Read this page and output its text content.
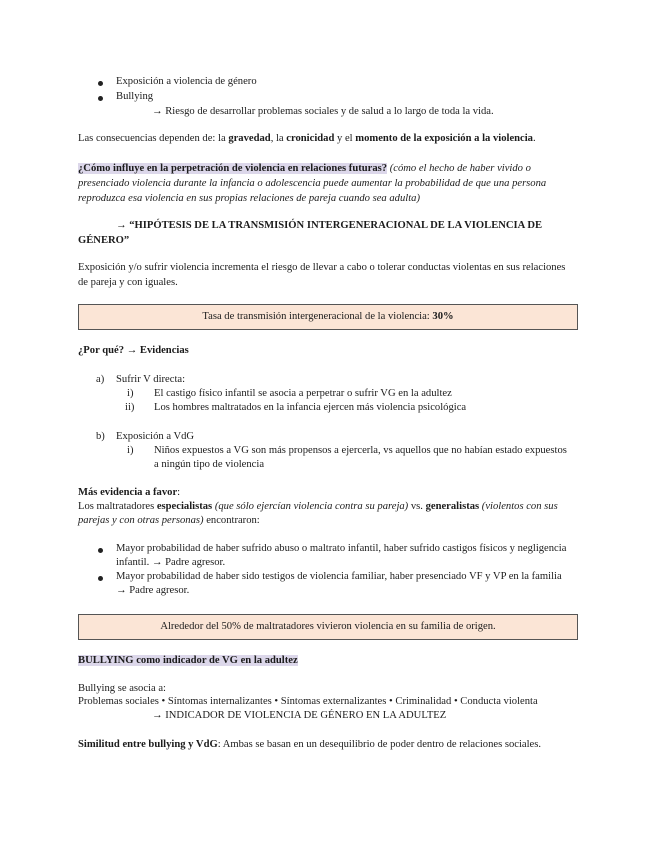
Exposición a violencia de género
Bullying
→ Riesgo de desarrollar problemas sociales y de salud a lo largo de toda la vida.
Las consecuencias dependen de: la gravedad, la cronicidad y el momento de la exposición a la violencia.
¿Cómo influye en la perpetración de violencia en relaciones futuras? (cómo el hecho de haber vivido o
presenciado violencia durante la infancia o adolescencia puede aumentar la probabilidad de que una persona
reproduzca esa violencia en sus propias relaciones de pareja cuando sea adulta)
→ “HIPÓTESIS DE LA TRANSMISIÓN INTERGENERACIONAL DE LA VIOLENCIA DE
GÉNERO”
Exposición y/o sufrir violencia incrementa el riesgo de llevar a cabo o tolerar conductas violentas en sus relaciones
de pareja y con iguales.
Tasa de transmisión intergeneracional de la violencia: 30%
¿Por qué? → Evidencias
a) Sufrir V directa:
i) El castigo físico infantil se asocia a perpetrar o sufrir VG en la adultez
ii) Los hombres maltratados en la infancia ejercen más violencia psicológica
b) Exposición a VdG
i) Niños expuestos a VG son más propensos a ejercerla, vs aquellos que no habían estado expuestos
a ningún tipo de violencia
Más evidencia a favor:
Los maltratadores especialistas (que sólo ejercían violencia contra su pareja) vs. generalistas (violentos con sus
parejas y con otras personas) encontraron:
Mayor probabilidad de haber sufrido abuso o maltrato infantil, haber sufrido castigos físicos y negligencia
infantil. → Padre agresor.
Mayor probabilidad de haber sido testigos de violencia familiar, haber presenciado VF y VP en la familia
→ Padre agresor.
Alrededor del 50% de maltratadores vivieron violencia en su familia de origen.
BULLYING como indicador de VG en la adultez
Bullying se asocia a:
Problemas sociales • Síntomas internalizantes • Síntomas externalizantes • Criminalidad • Conducta violenta
→ INDICADOR DE VIOLENCIA DE GÉNERO EN LA ADULTEZ
Similitud entre bullying y VdG: Ambas se basan en un desequilibrio de poder dentro de relaciones sociales.
